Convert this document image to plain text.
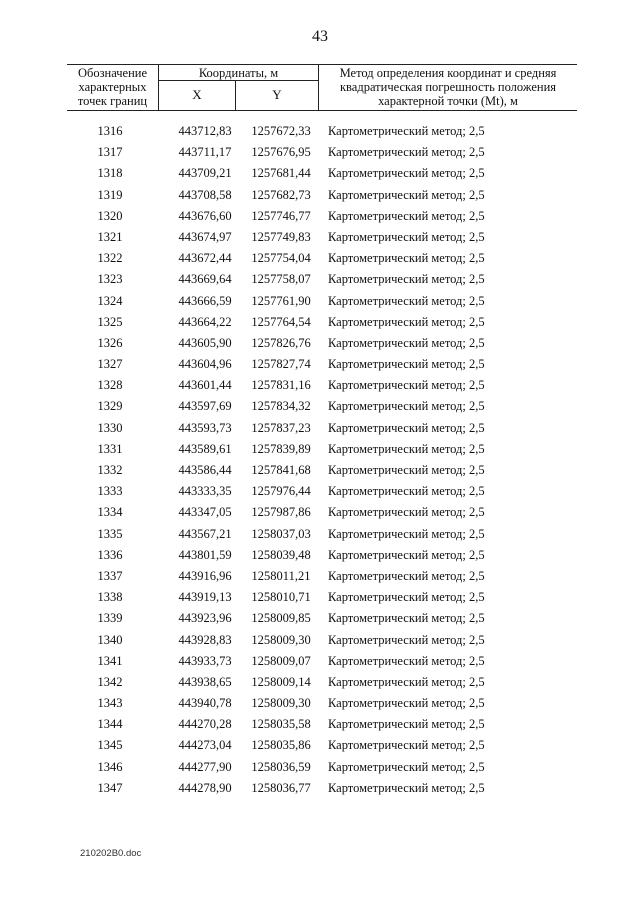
43
Обозначение
характерных
точек границ
Координаты, м
X	Y
Метод определения координат и средняя
квадратическая погрешность положения
характерной точки (Mt), м
1316	443712,83	1257672,33	Картометрический метод; 2,5
1317	443711,17	1257676,95	Картометрический метод; 2,5
1318	443709,21	1257681,44	Картометрический метод; 2,5
1319	443708,58	1257682,73	Картометрический метод; 2,5
1320	443676,60	1257746,77	Картометрический метод; 2,5
1321	443674,97	1257749,83	Картометрический метод; 2,5
1322	443672,44	1257754,04	Картометрический метод; 2,5
1323	443669,64	1257758,07	Картометрический метод; 2,5
1324	443666,59	1257761,90	Картометрический метод; 2,5
1325	443664,22	1257764,54	Картометрический метод; 2,5
1326	443605,90	1257826,76	Картометрический метод; 2,5
1327	443604,96	1257827,74	Картометрический метод; 2,5
1328	443601,44	1257831,16	Картометрический метод; 2,5
1329	443597,69	1257834,32	Картометрический метод; 2,5
1330	443593,73	1257837,23	Картометрический метод; 2,5
1331	443589,61	1257839,89	Картометрический метод; 2,5
1332	443586,44	1257841,68	Картометрический метод; 2,5
1333	443333,35	1257976,44	Картометрический метод; 2,5
1334	443347,05	1257987,86	Картометрический метод; 2,5
1335	443567,21	1258037,03	Картометрический метод; 2,5
1336	443801,59	1258039,48	Картометрический метод; 2,5
1337	443916,96	1258011,21	Картометрический метод; 2,5
1338	443919,13	1258010,71	Картометрический метод; 2,5
1339	443923,96	1258009,85	Картометрический метод; 2,5
1340	443928,83	1258009,30	Картометрический метод; 2,5
1341	443933,73	1258009,07	Картометрический метод; 2,5
1342	443938,65	1258009,14	Картометрический метод; 2,5
1343	443940,78	1258009,30	Картометрический метод; 2,5
1344	444270,28	1258035,58	Картометрический метод; 2,5
1345	444273,04	1258035,86	Картометрический метод; 2,5
1346	444277,90	1258036,59	Картометрический метод; 2,5
1347	444278,90	1258036,77	Картометрический метод; 2,5
210202B0.doc
